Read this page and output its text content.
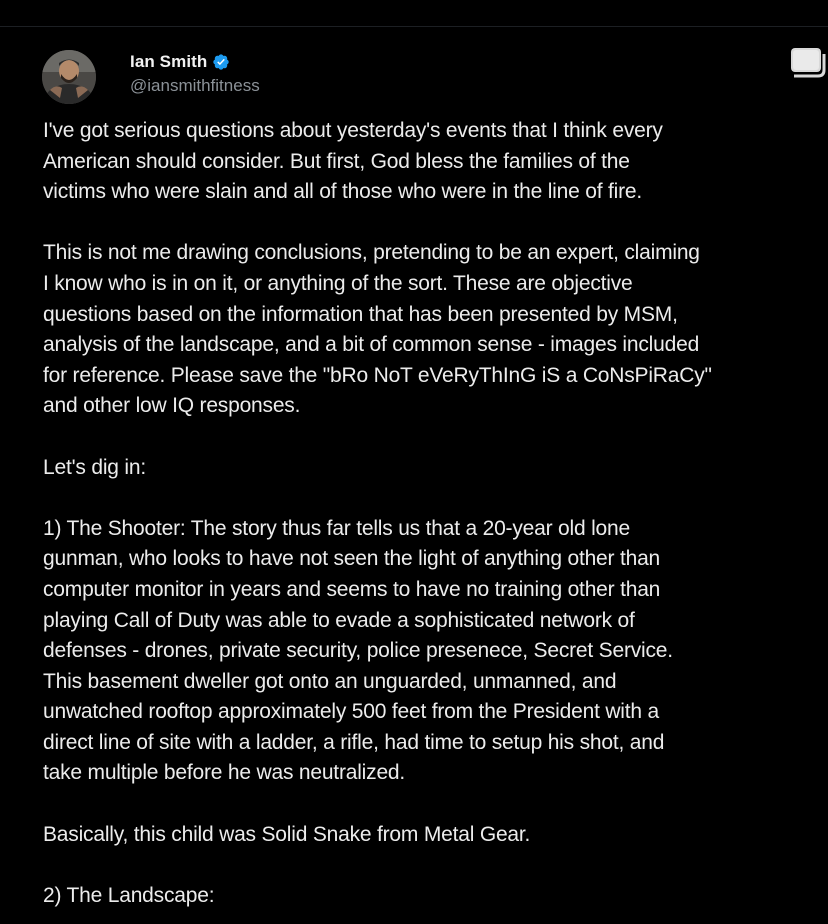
Ian Smith
@iansmithfitness

I've got serious questions about yesterday's events that I think every

American should consider. But first, God bless the families of the

victims who were slain and all of those who were in the line of fire.

This is not me drawing conclusions, pretending to be an expert, claiming

I know who is in on it, or anything of the sort. These are objective

questions based on the information that has been presented by MSM,

analysis of the landscape, and a bit of common sense - images included

for reference. Please save the "bRo NoT eVeRyThInG iS a CoNsPiRaCy"

and other low IQ responses.

Let's dig in:

1) The Shooter: The story thus far tells us that a 20-year old lone

gunman, who looks to have not seen the light of anything other than

computer monitor in years and seems to have no training other than

playing Call of Duty was able to evade a sophisticated network of

defenses - drones, private security, police presenece, Secret Service.

This basement dweller got onto an unguarded, unmanned, and

unwatched rooftop approximately 500 feet from the President with a

direct line of site with a ladder, a rifle, had time to setup his shot, and

take multiple before he was neutralized.

Basically, this child was Solid Snake from Metal Gear.

2) The Landscape:
